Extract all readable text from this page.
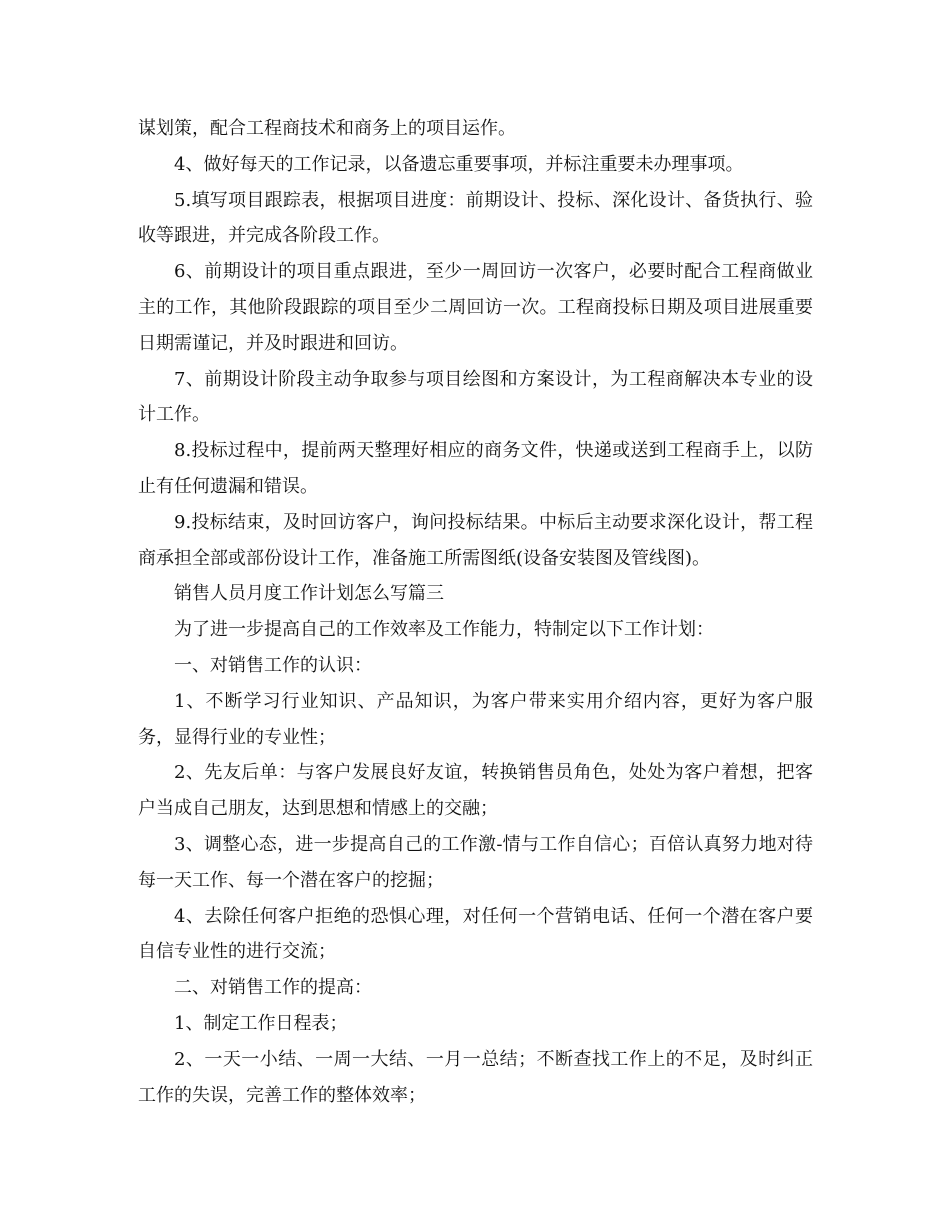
谋划策，配合工程商技术和商务上的项目运作。

4、做好每天的工作记录，以备遗忘重要事项，并标注重要未办理事项。

5.填写项目跟踪表，根据项目进度：前期设计、投标、深化设计、备货执行、验收等跟进，并完成各阶段工作。

6、前期设计的项目重点跟进，至少一周回访一次客户，必要时配合工程商做业主的工作，其他阶段跟踪的项目至少二周回访一次。工程商投标日期及项目进展重要日期需谨记，并及时跟进和回访。

7、前期设计阶段主动争取参与项目绘图和方案设计，为工程商解决本专业的设计工作。

8.投标过程中，提前两天整理好相应的商务文件，快递或送到工程商手上，以防止有任何遗漏和错误。

9.投标结束，及时回访客户，询问投标结果。中标后主动要求深化设计，帮工程商承担全部或部份设计工作，准备施工所需图纸(设备安装图及管线图)。

销售人员月度工作计划怎么写篇三

为了进一步提高自己的工作效率及工作能力，特制定以下工作计划：

一、对销售工作的认识：

1、不断学习行业知识、产品知识，为客户带来实用介绍内容，更好为客户服务，显得行业的专业性；

2、先友后单：与客户发展良好友谊，转换销售员角色，处处为客户着想，把客户当成自己朋友，达到思想和情感上的交融；

3、调整心态，进一步提高自己的工作激-情与工作自信心；百倍认真努力地对待每一天工作、每一个潜在客户的挖掘；

4、去除任何客户拒绝的恐惧心理，对任何一个营销电话、任何一个潜在客户要自信专业性的进行交流；

二、对销售工作的提高：

1、制定工作日程表；

2、一天一小结、一周一大结、一月一总结；不断查找工作上的不足，及时纠正工作的失误，完善工作的整体效率；
